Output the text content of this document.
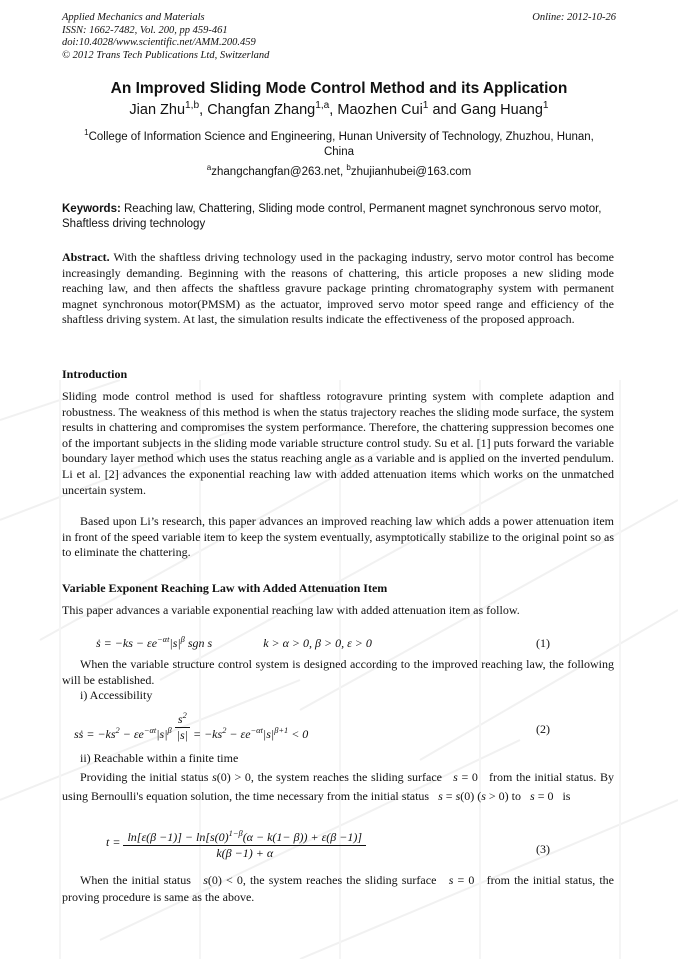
Applied Mechanics and Materials
ISSN: 1662-7482, Vol. 200, pp 459-461
doi:10.4028/www.scientific.net/AMM.200.459
© 2012 Trans Tech Publications Ltd, Switzerland
Online: 2012-10-26
An Improved Sliding Mode Control Method and its Application
Jian Zhu$^{1,b}$, Changfan Zhang$^{1,a}$, Maozhen Cui$^1$ and Gang Huang$^1$
$^1$College of Information Science and Engineering, Hunan University of Technology, Zhuzhou, Hunan, China
$^a$zhangchangfan@263.net, $^b$zhujianhubei@163.com
Keywords: Reaching law, Chattering, Sliding mode control, Permanent magnet synchronous servo motor, Shaftless driving technology
Abstract. With the shaftless driving technology used in the packaging industry, servo motor control has become increasingly demanding. Beginning with the reasons of chattering, this article proposes a new sliding mode reaching law, and then affects the shaftless gravure package printing chromatography system with permanent magnet synchronous motor(PMSM) as the actuator, improved servo motor speed range and efficiency of the shaftless driving system. At last, the simulation results indicate the effectiveness of the proposed approach.
Introduction
Sliding mode control method is used for shaftless rotogravure printing system with complete adaption and robustness. The weakness of this method is when the status trajectory reaches the sliding mode surface, the system results in chattering and compromises the system performance. Therefore, the chattering suppression becomes one of the important subjects in the sliding mode variable structure control study. Su et al. [1] puts forward the variable boundary layer method which uses the status reaching angle as a variable and is applied on the inverted pendulum. Li et al. [2] advances the exponential reaching law with added attenuation items which works on the unmatched uncertain system.
Based upon Li’s research, this paper advances an improved reaching law which adds a power attenuation item in front of the speed variable item to keep the system eventually, asymptotically stabilize to the original point so as to eliminate the chattering.
Variable Exponent Reaching Law with Added Attenuation Item
This paper advances a variable exponential reaching law with added attenuation item as follow.
ṡ = $-ks - \varepsilon e^{-\alpha t}|s|^\beta$ sgn s	k > α > 0, β > 0, ε > 0	(1)
When the variable structure control system is designed according to the improved reaching law, the following will be established.
i) Accessibility
sṡ = $-ks^2 - \varepsilon e^{-\alpha t}|s|^\beta \frac{s^2}{|s|} = -ks^2 - \varepsilon e^{-\alpha t}|s|^{\beta+1} < 0$	(2)
ii) Reachable within a finite time
Providing the initial status s(0) > 0, the system reaches the sliding surface s = 0   from the initial status. By using Bernoulli's equation solution, the time necessary from the initial status s = s(0) (s > 0) to s = 0   is
$t = \frac{\ln[\varepsilon(\beta -1)] - \ln[s(0)^{1-\beta}(\alpha - k(1- \beta)) + \varepsilon(\beta -1)]}{k(\beta -1) + \alpha}$	(3)
When the initial status s(0) < 0, the system reaches the sliding surface s = 0   from the initial status, the proving procedure is same as the above.
